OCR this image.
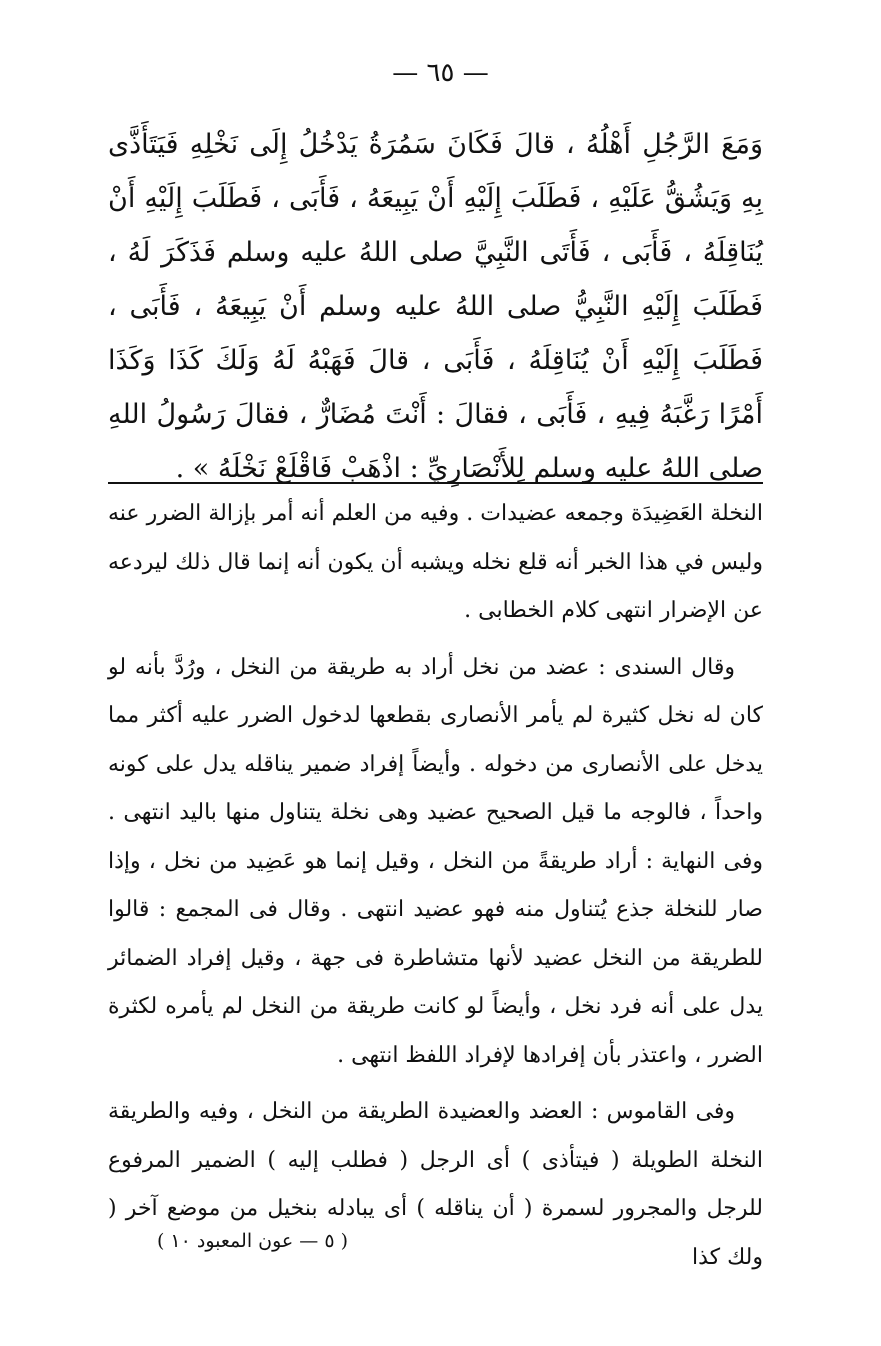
— ٦٥ —

وَمَعَ الرَّجُلِ أَهْلُهُ ، قالَ فَكَانَ سَمُرَةُ يَدْخُلُ إِلَى نَخْلِهِ فَيَتَأَذَّى بِهِ وَيَشُقُّ عَلَيْهِ ، فَطَلَبَ إِلَيْهِ أَنْ يَبِيعَهُ ، فَأَبَى ، فَطَلَبَ إِلَيْهِ أَنْ يُنَاقِلَهُ ، فَأَبَى ، فَأَتَى النَّبِيَّ صلى اللهُ عليه وسلم فَذَكَرَ لَهُ ، فَطَلَبَ إِلَيْهِ النَّبِيُّ صلى اللهُ عليه وسلم أَنْ يَبِيعَهُ ، فَأَبَى ، فَطَلَبَ إِلَيْهِ أَنْ يُنَاقِلَهُ ، فَأَبَى ، قالَ فَهَبْهُ لَهُ وَلَكَ كَذَا وَكَذَا أَمْرًا رَغَّبَهُ فِيهِ ، فَأَبَى ، فقالَ : أَنْتَ مُضَارٌّ ، فقالَ رَسُولُ اللهِ صلى اللهُ عليه وسلم لِلأَنْصَارِيِّ : اذْهَبْ فَاقْلَعْ نَخْلَهُ » .

النخلة العَضِيدَة وجمعه عضيدات . وفيه من العلم أنه أمر بإزالة الضرر عنه وليس في هذا الخبر أنه قلع نخله ويشبه أن يكون أنه إنما قال ذلك ليردعه عن الإضرار انتهى كلام الخطابى .

وقال السندى : عضد من نخل أراد به طريقة من النخل ، ورُدَّ بأنه لو كان له نخل كثيرة لم يأمر الأنصارى بقطعها لدخول الضرر عليه أكثر مما يدخل على الأنصارى من دخوله . وأيضاً إفراد ضمير يناقله يدل على كونه واحداً ، فالوجه ما قيل الصحيح عضيد وهى نخلة يتناول منها باليد انتهى . وفى النهاية : أراد طريقةً من النخل ، وقيل إنما هو عَضِيد من نخل ، وإذا صار للنخلة جذع يُتناول منه فهو عضيد انتهى . وقال فى المجمع : قالوا للطريقة من النخل عضيد لأنها متشاطرة فى جهة ، وقيل إفراد الضمائر يدل على أنه فرد نخل ، وأيضاً لو كانت طريقة من النخل لم يأمره لكثرة الضرر ، واعتذر بأن إفرادها لإفراد اللفظ انتهى .

وفى القاموس : العضد والعضيدة الطريقة من النخل ، وفيه والطريقة النخلة الطويلة ( فيتأذى ) أى الرجل ( فطلب إليه ) الضمير المرفوع للرجل والمجرور لسمرة ( أن يناقله ) أى يبادله بنخيل من موضع آخر ( ولك كذا

( ٥ — عون المعبود ١٠ )
